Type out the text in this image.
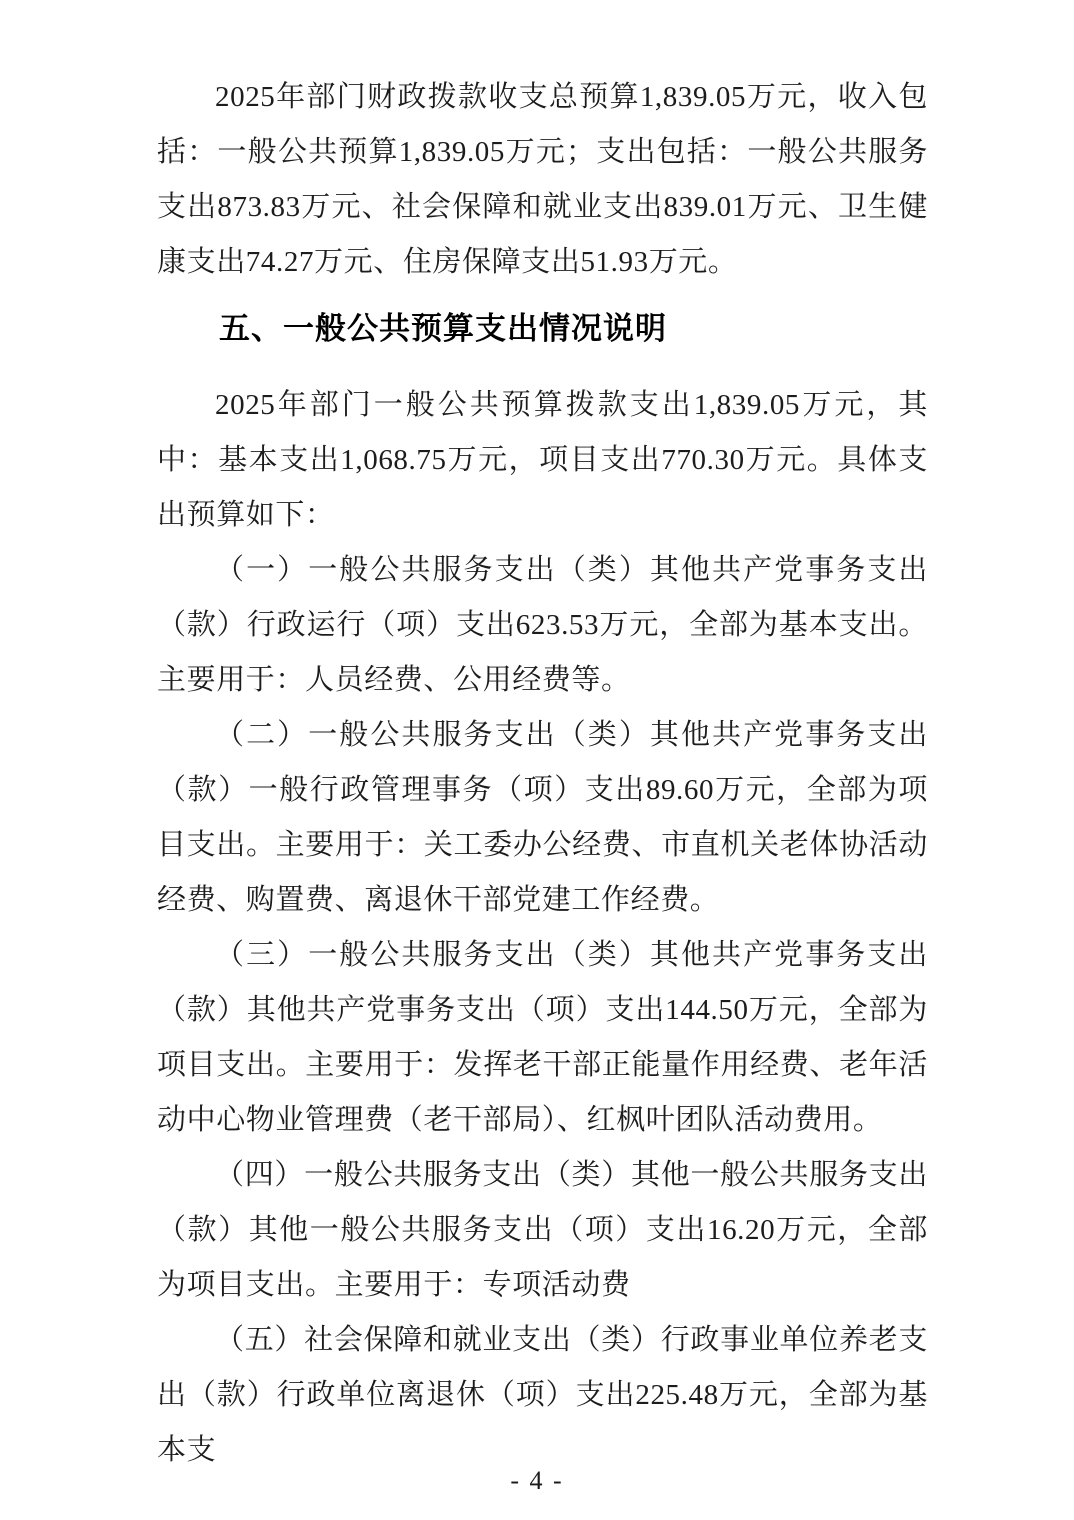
2025年部门财政拨款收支总预算1,839.05万元，收入包括：一般公共预算1,839.05万元；支出包括：一般公共服务支出873.83万元、社会保障和就业支出839.01万元、卫生健康支出74.27万元、住房保障支出51.93万元。

五、一般公共预算支出情况说明

2025年部门一般公共预算拨款支出1,839.05万元，其中：基本支出1,068.75万元，项目支出770.30万元。具体支出预算如下：

（一）一般公共服务支出（类）其他共产党事务支出（款）行政运行（项）支出623.53万元，全部为基本支出。主要用于：人员经费、公用经费等。

（二）一般公共服务支出（类）其他共产党事务支出（款）一般行政管理事务（项）支出89.60万元，全部为项目支出。主要用于：关工委办公经费、市直机关老体协活动经费、购置费、离退休干部党建工作经费。

（三）一般公共服务支出（类）其他共产党事务支出（款）其他共产党事务支出（项）支出144.50万元，全部为项目支出。主要用于：发挥老干部正能量作用经费、老年活动中心物业管理费（老干部局）、红枫叶团队活动费用。

（四）一般公共服务支出（类）其他一般公共服务支出（款）其他一般公共服务支出（项）支出16.20万元，全部为项目支出。主要用于：专项活动费

（五）社会保障和就业支出（类）行政事业单位养老支出（款）行政单位离退休（项）支出225.48万元，全部为基本支

- 4 -
